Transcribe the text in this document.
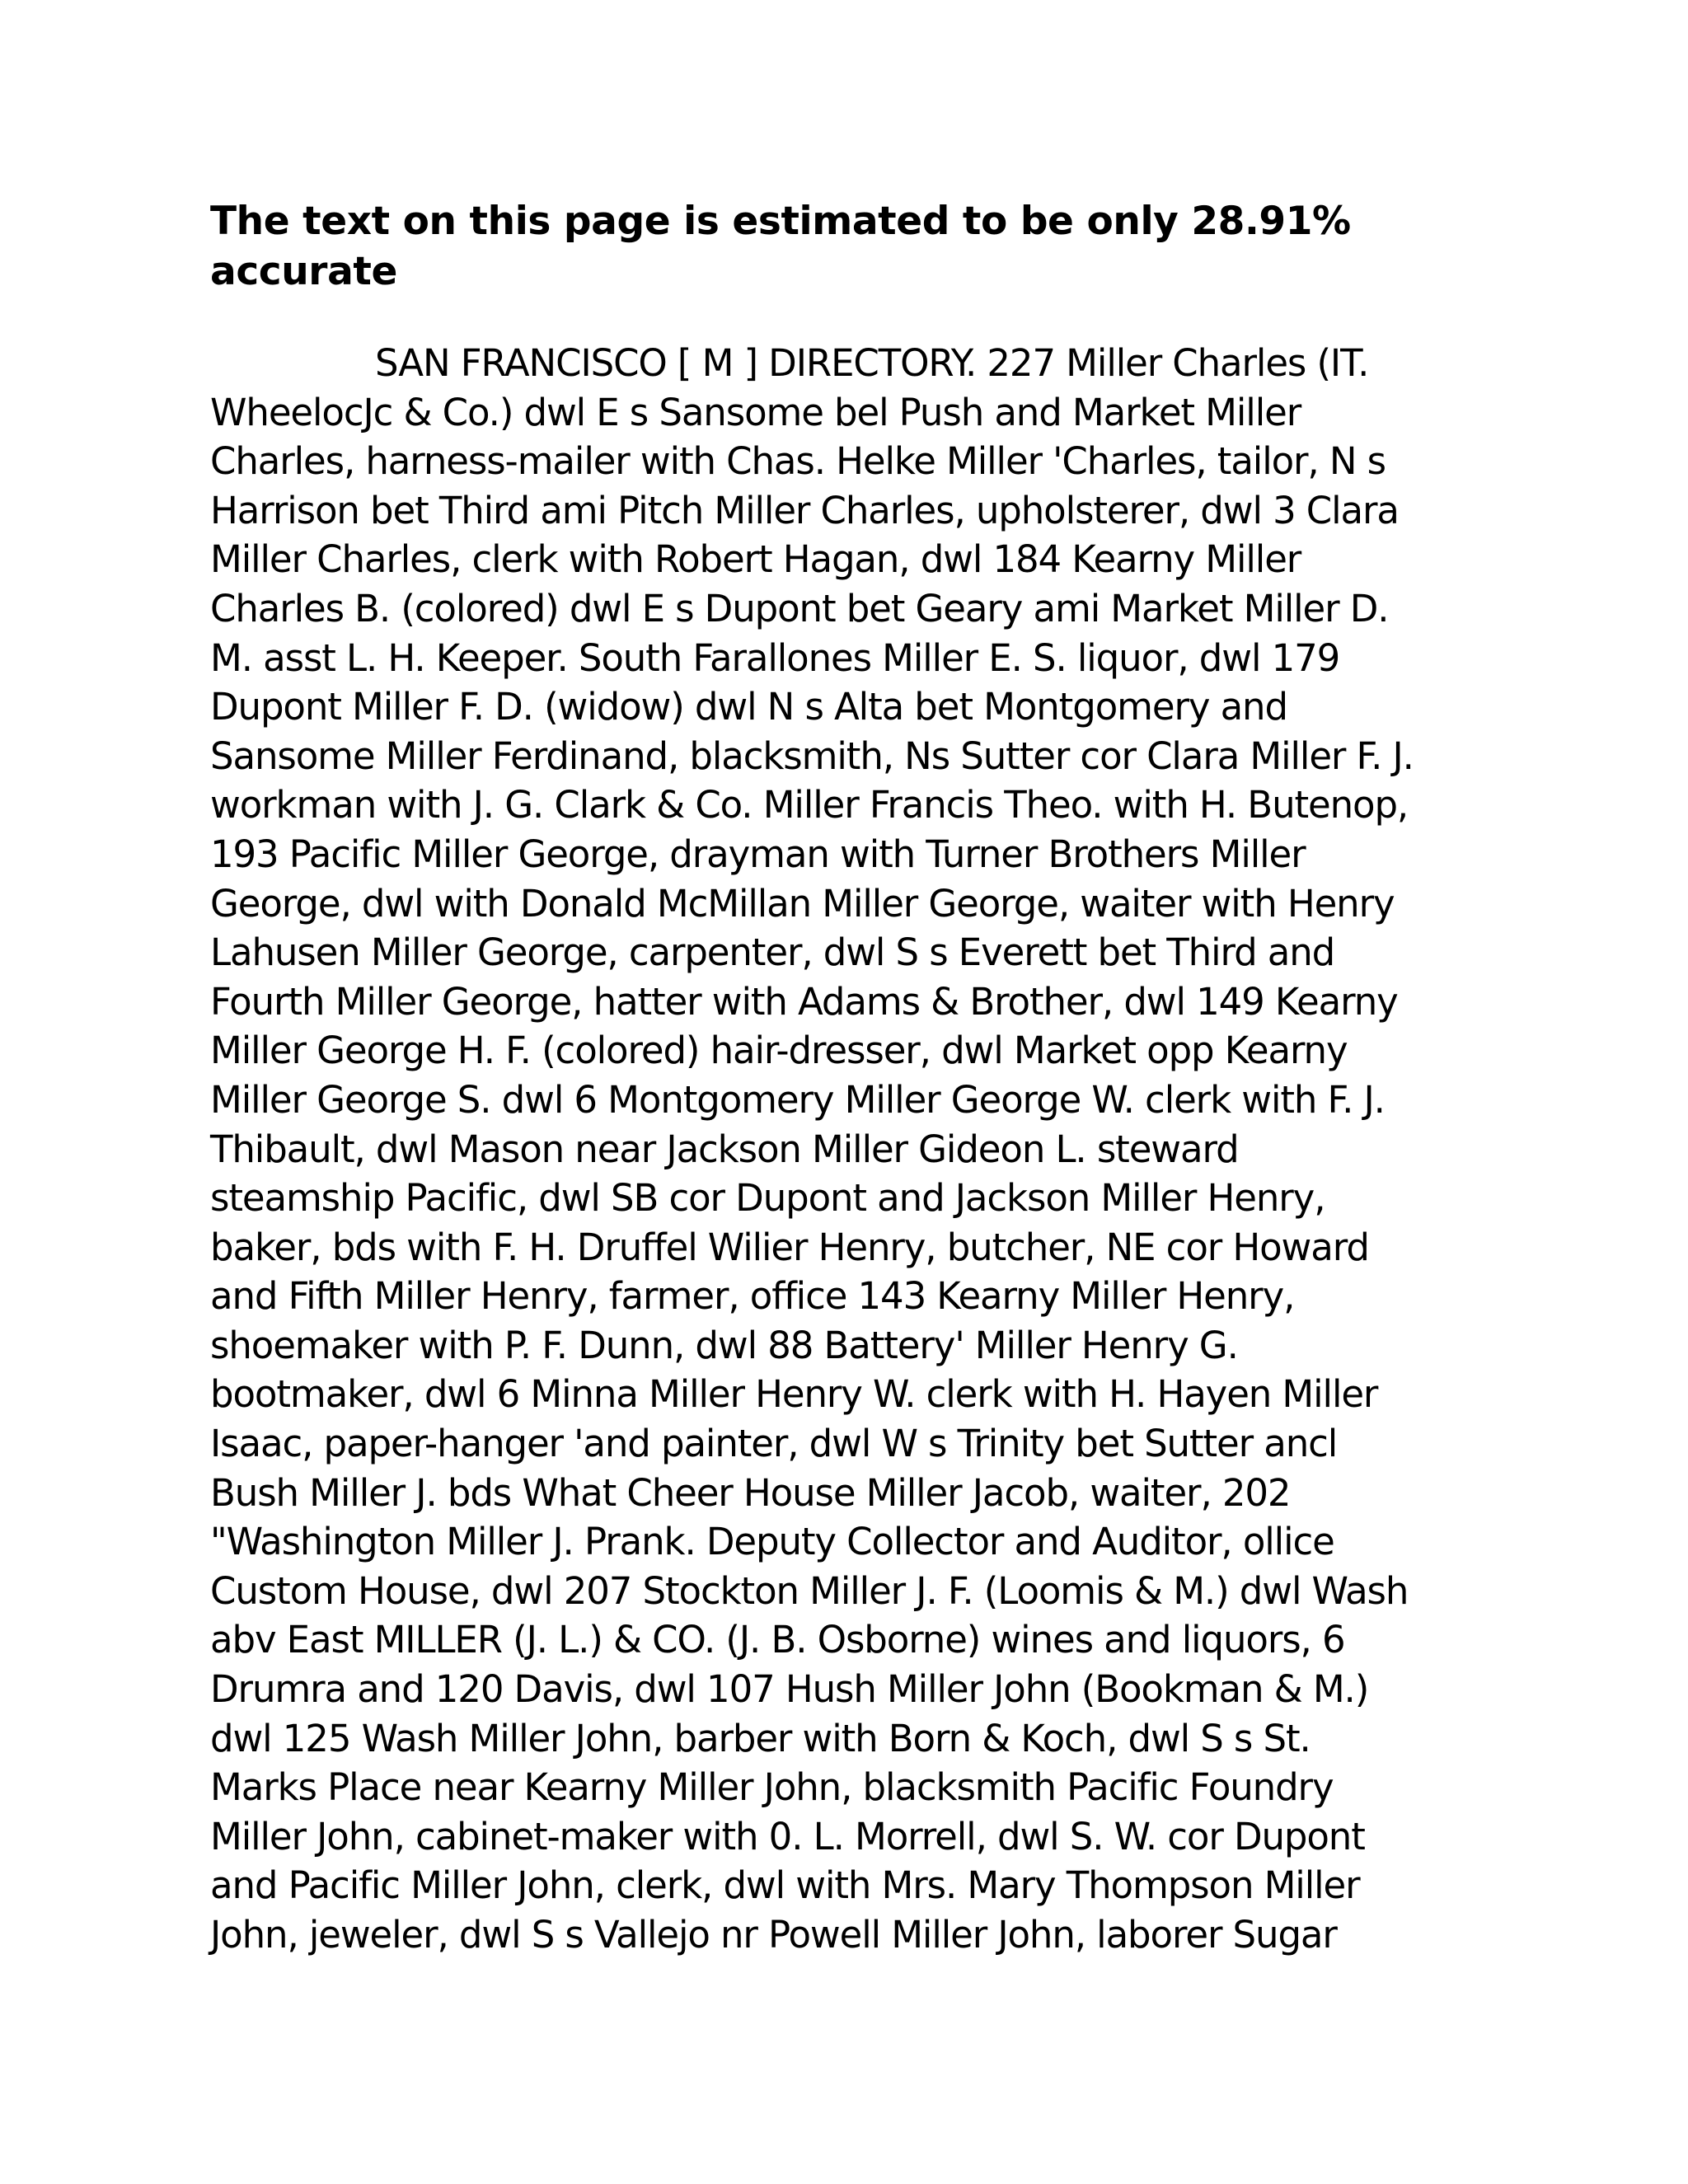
The text on this page is estimated to be only 28.91%
accurate
SAN FRANCISCO [ M ] DIRECTORY. 227 Miller Charles (IT.
WheelocJc & Co.) dwl E s Sansome bel Push and Market Miller
Charles, harness-mailer with Chas. Helke Miller 'Charles, tailor, N s
Harrison bet Third ami Pitch Miller Charles, upholsterer, dwl 3 Clara
Miller Charles, clerk with Robert Hagan, dwl 184 Kearny Miller
Charles B. (colored) dwl E s Dupont bet Geary ami Market Miller D.
M. asst L. H. Keeper. South Farallones Miller E. S. liquor, dwl 179
Dupont Miller F. D. (widow) dwl N s Alta bet Montgomery and
Sansome Miller Ferdinand, blacksmith, Ns Sutter cor Clara Miller F. J.
workman with J. G. Clark & Co. Miller Francis Theo. with H. Butenop,
193 Pacific Miller George, drayman with Turner Brothers Miller
George, dwl with Donald McMillan Miller George, waiter with Henry
Lahusen Miller George, carpenter, dwl S s Everett bet Third and
Fourth Miller George, hatter with Adams & Brother, dwl 149 Kearny
Miller George H. F. (colored) hair-dresser, dwl Market opp Kearny
Miller George S. dwl 6 Montgomery Miller George W. clerk with F. J.
Thibault, dwl Mason near Jackson Miller Gideon L. steward
steamship Pacific, dwl SB cor Dupont and Jackson Miller Henry,
baker, bds with F. H. Druffel Wilier Henry, butcher, NE cor Howard
and Fifth Miller Henry, farmer, office 143 Kearny Miller Henry,
shoemaker with P. F. Dunn, dwl 88 Battery' Miller Henry G.
bootmaker, dwl 6 Minna Miller Henry W. clerk with H. Hayen Miller
Isaac, paper-hanger 'and painter, dwl W s Trinity bet Sutter ancl
Bush Miller J. bds What Cheer House Miller Jacob, waiter, 202
"Washington Miller J. Prank. Deputy Collector and Auditor, ollice
Custom House, dwl 207 Stockton Miller J. F. (Loomis & M.) dwl Wash
abv East MILLER (J. L.) & CO. (J. B. Osborne) wines and liquors, 6
Drumra and 120 Davis, dwl 107 Hush Miller John (Bookman & M.)
dwl 125 Wash Miller John, barber with Born & Koch, dwl S s St.
Marks Place near Kearny Miller John, blacksmith Pacific Foundry
Miller John, cabinet-maker with 0. L. Morrell, dwl S. W. cor Dupont
and Pacific Miller John, clerk, dwl with Mrs. Mary Thompson Miller
John, jeweler, dwl S s Vallejo nr Powell Miller John, laborer Sugar
